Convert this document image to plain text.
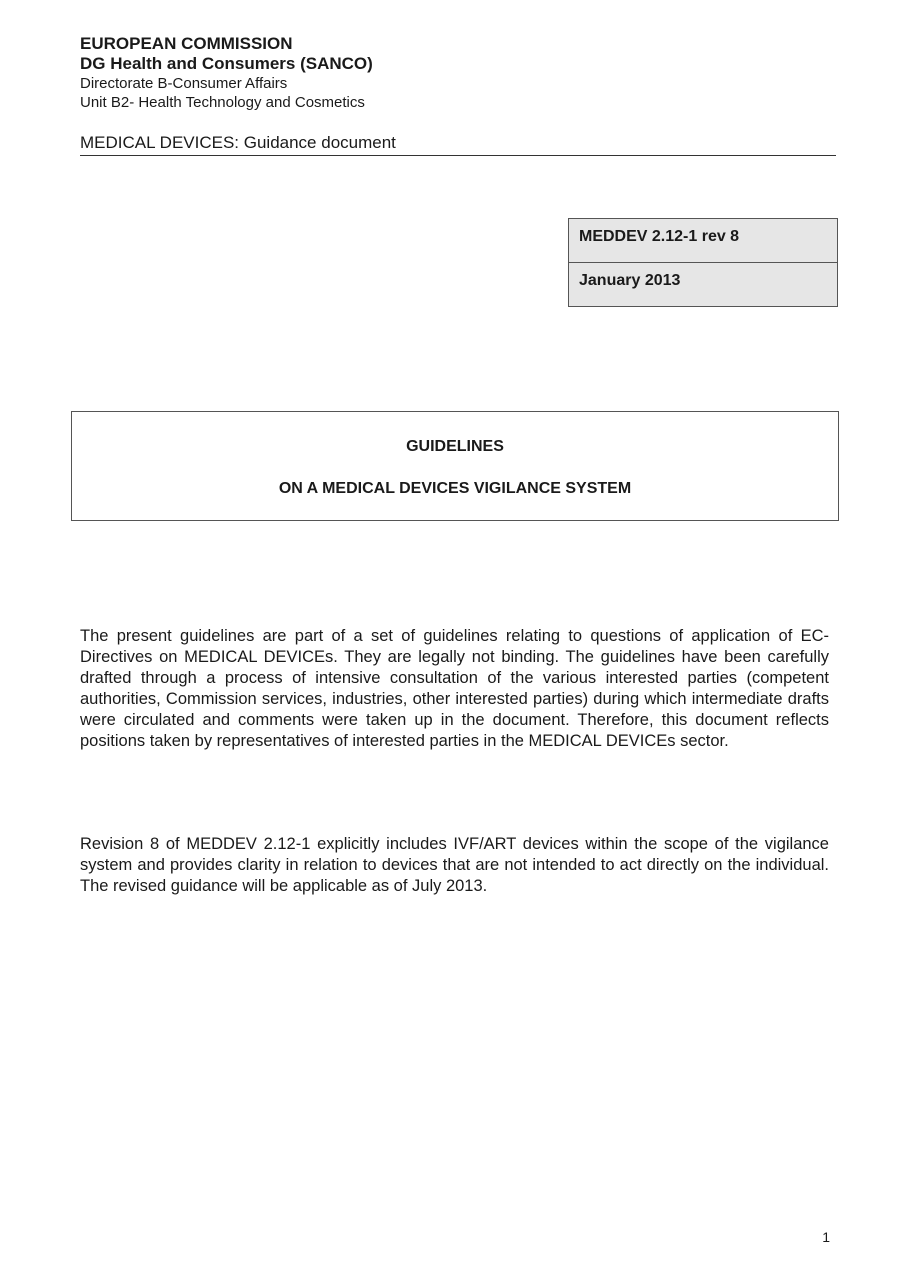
EUROPEAN COMMISSION

DG Health and Consumers (SANCO)

Directorate B-Consumer Affairs

Unit B2- Health Technology and Cosmetics

MEDICAL DEVICES: Guidance document
MEDDEV 2.12-1 rev 8
January 2013
GUIDELINES
ON A MEDICAL DEVICES VIGILANCE SYSTEM

The present guidelines are part of a set of guidelines relating to questions of application of EC-Directives on MEDICAL DEVICEs. They are legally not binding. The guidelines have been carefully drafted through a process of intensive consultation of the various interested parties (competent authorities, Commission services, industries, other interested parties) during which intermediate drafts were circulated and comments were taken up in the document. Therefore, this document reflects positions taken by representatives of interested parties in the MEDICAL DEVICEs sector.

Revision 8 of MEDDEV 2.12-1 explicitly includes IVF/ART devices within the scope of the vigilance system and provides clarity in relation to devices that are not intended to act directly on the individual. The revised guidance will be applicable as of July 2013.

1
